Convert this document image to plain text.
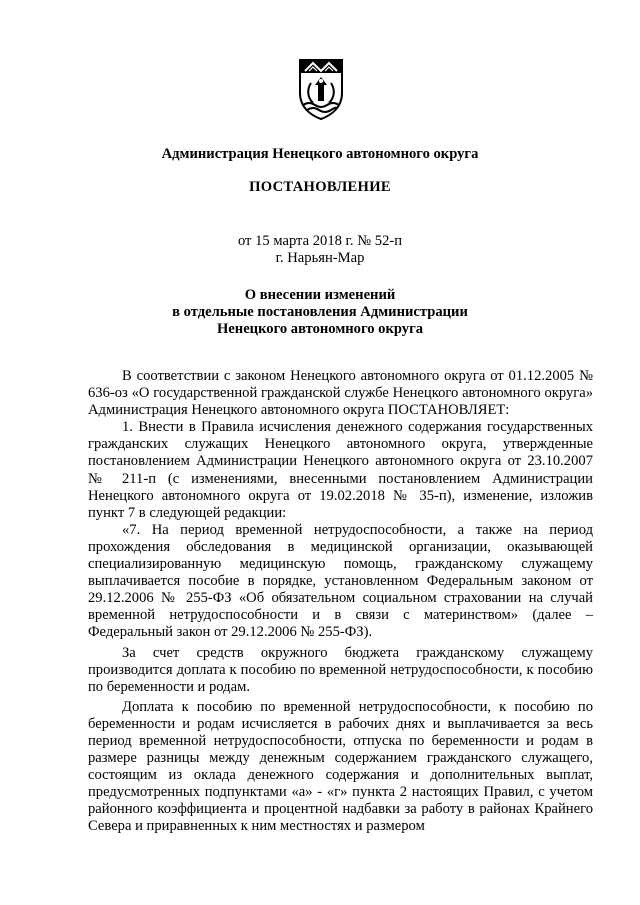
Администрация Ненецкого автономного округа
ПОСТАНОВЛЕНИЕ
от 15 марта 2018 г. № 52-п
г. Нарьян-Мар
О внесении изменений
в отдельные постановления Администрации
Ненецкого автономного округа

В соответствии с законом Ненецкого автономного округа от 01.12.2005 № 636-оз «О государственной гражданской службе Ненецкого автономного округа» Администрация Ненецкого автономного округа ПОСТАНОВЛЯЕТ:

1. Внести в Правила исчисления денежного содержания государственных гражданских служащих Ненецкого автономного округа, утвержденные постановлением Администрации Ненецкого автономного округа от 23.10.2007 № 211-п (с изменениями, внесенными постановлением Администрации Ненецкого автономного округа от 19.02.2018 № 35-п), изменение, изложив пункт 7 в следующей редакции:

«7. На период временной нетрудоспособности, а также на период прохождения обследования в медицинской организации, оказывающей специализированную медицинскую помощь, гражданскому служащему выплачивается пособие в порядке, установленном Федеральным законом от 29.12.2006 № 255-ФЗ «Об обязательном социальном страховании на случай временной нетрудоспособности и в связи с материнством» (далее – Федеральный закон от 29.12.2006 № 255-ФЗ).

За счет средств окружного бюджета гражданскому служащему производится доплата к пособию по временной нетрудоспособности, к пособию по беременности и родам.

Доплата к пособию по временной нетрудоспособности, к пособию по беременности и родам исчисляется в рабочих днях и выплачивается за весь период временной нетрудоспособности, отпуска по беременности и родам в размере разницы между денежным содержанием гражданского служащего, состоящим из оклада денежного содержания и дополнительных выплат, предусмотренных подпунктами «а» - «г» пункта 2 настоящих Правил, с учетом районного коэффициента и процентной надбавки за работу в районах Крайнего Севера и приравненных к ним местностях и размером
